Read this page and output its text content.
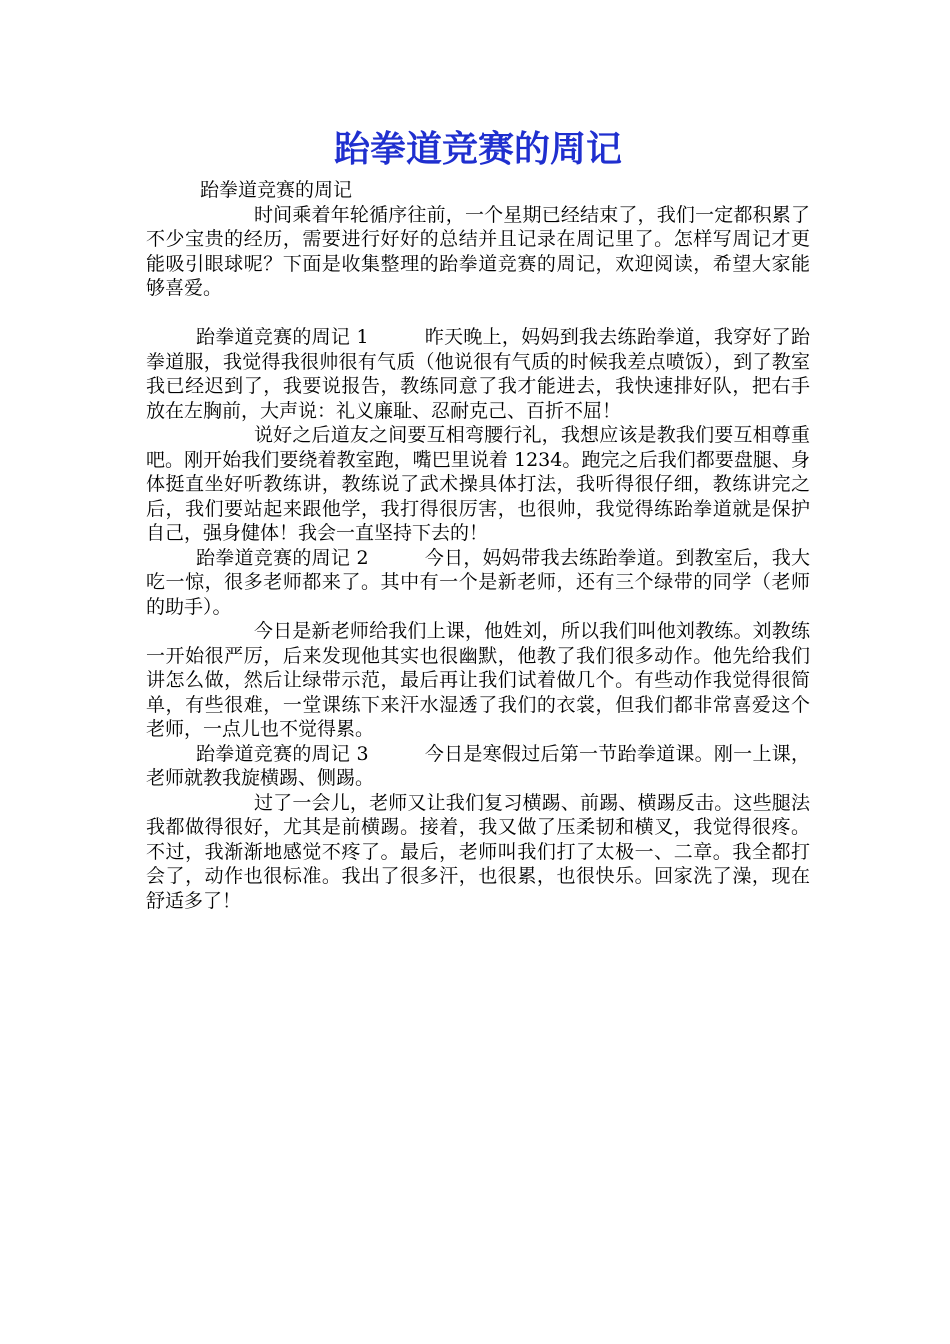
跆拳道竞赛的周记

跆拳道竞赛的周记

时间乘着年轮循序往前，一个星期已经结束了，我们一定都积累了不少宝贵的经历，需要进行好好的总结并且记录在周记里了。怎样写周记才更能吸引眼球呢？下面是收集整理的跆拳道竞赛的周记，欢迎阅读，希望大家能够喜爱。

跆拳道竞赛的周记 1	昨天晚上，妈妈到我去练跆拳道，我穿好了跆拳道服，我觉得我很帅很有气质（他说很有气质的时候我差点喷饭），到了教室我已经迟到了，我要说报告，教练同意了我才能进去，我快速排好队，把右手放在左胸前，大声说：礼义廉耻、忍耐克己、百折不屈！

说好之后道友之间要互相弯腰行礼，我想应该是教我们要互相尊重吧。刚开始我们要绕着教室跑，嘴巴里说着 1234。跑完之后我们都要盘腿、身体挺直坐好听教练讲，教练说了武术操具体打法，我听得很仔细，教练讲完之后，我们要站起来跟他学，我打得很厉害，也很帅，我觉得练跆拳道就是保护自己，强身健体！我会一直坚持下去的！

跆拳道竞赛的周记 2	今日，妈妈带我去练跆拳道。到教室后，我大吃一惊，很多老师都来了。其中有一个是新老师，还有三个绿带的同学（老师的助手）。

今日是新老师给我们上课，他姓刘，所以我们叫他刘教练。刘教练一开始很严厉，后来发现他其实也很幽默，他教了我们很多动作。他先给我们讲怎么做，然后让绿带示范，最后再让我们试着做几个。有些动作我觉得很简单，有些很难，一堂课练下来汗水湿透了我们的衣裳，但我们都非常喜爱这个老师，一点儿也不觉得累。

跆拳道竞赛的周记 3	今日是寒假过后第一节跆拳道课。刚一上课，老师就教我旋横踢、侧踢。

过了一会儿，老师又让我们复习横踢、前踢、横踢反击。这些腿法我都做得很好，尤其是前横踢。接着，我又做了压柔韧和横叉，我觉得很疼。不过，我渐渐地感觉不疼了。最后，老师叫我们打了太极一、二章。我全都打会了，动作也很标准。我出了很多汗，也很累，也很快乐。回家洗了澡，现在舒适多了！
